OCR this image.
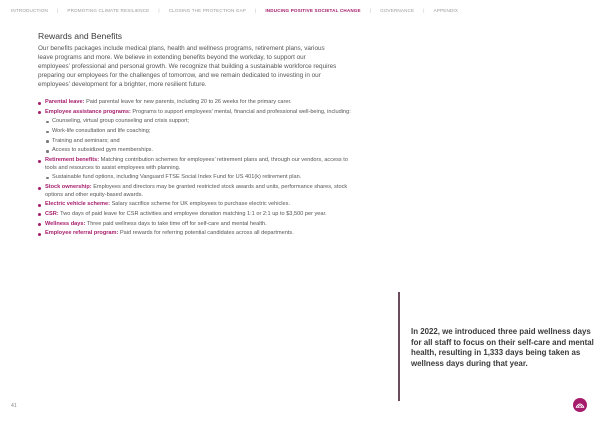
INTRODUCTION | PROMOTING CLIMATE RESILIENCE | CLOSING THE PROTECTION GAP | INDUCING POSITIVE SOCIETAL CHANGE | GOVERNANCE | APPENDIX
Rewards and Benefits
Our benefits packages include medical plans, health and wellness programs, retirement plans, various leave programs and more. We believe in extending benefits beyond the workday, to support our employees’ professional and personal growth. We recognize that building a sustainable workforce requires preparing our employees for the challenges of tomorrow, and we remain dedicated to investing in our employees’ development for a brighter, more resilient future.
Parental leave: Paid parental leave for new parents, including 20 to 26 weeks for the primary carer.
Employee assistance programs: Programs to support employees’ mental, financial and professional well-being, including:
Counseling, virtual group counseling and crisis support;
Work-life consultation and life coaching;
Training and seminars; and
Access to subsidized gym memberships.
Retirement benefits: Matching contribution schemes for employees’ retirement plans and, through our vendors, access to tools and resources to assist employees with planning.
Sustainable fund options, including Vanguard FTSE Social Index Fund for US 401(k) retirement plan.
Stock ownership: Employees and directors may be granted restricted stock awards and units, performance shares, stock options and other equity-based awards.
Electric vehicle scheme: Salary sacrifice scheme for UK employees to purchase electric vehicles.
CSR: Two days of paid leave for CSR activities and employee donation matching 1:1 or 2:1 up to $3,500 per year.
Wellness days: Three paid wellness days to take time off for self-care and mental health.
Employee referral program: Paid rewards for referring potential candidates across all departments.
In 2022, we introduced three paid wellness days for all staff to focus on their self-care and mental health, resulting in 1,333 days being taken as wellness days during that year.
41
